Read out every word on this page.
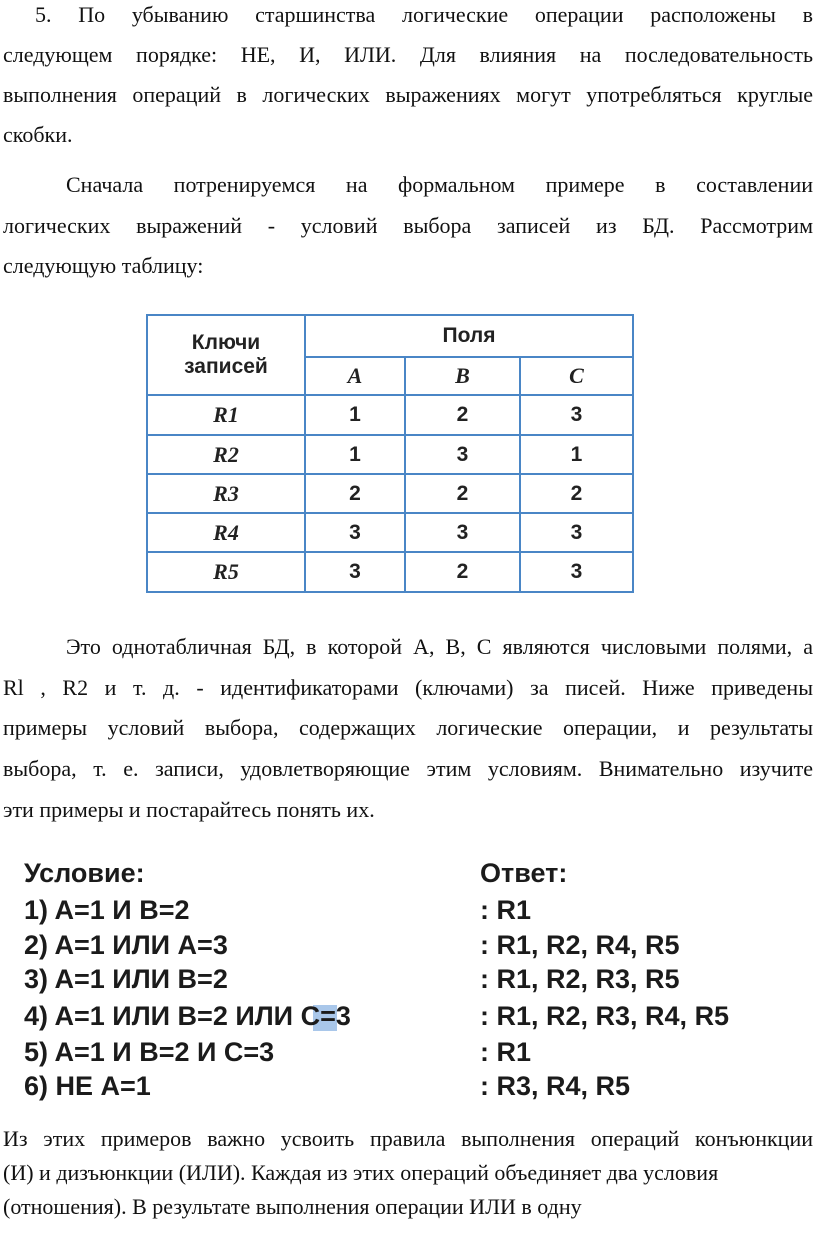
5. По убыванию старшинства логические операции расположены в
следующем порядке: НЕ, И, ИЛИ. Для влияния на последовательность
выполнения операций в логических выражениях могут употребляться круглые
скобки.
Сначала потренируемся на формальном примере в составлении
логических выражений - условий выбора записей из БД. Рассмотрим
следующую таблицу:
Ключи
записей	Поля		
	A	B	C
R1	1	2	3
R2	1	3	1
R3	2	2	2
R4	3	3	3
R5	3	2	3
Это однотабличная БД, в которой А, В, С являются числовыми полями, а
Rl , R2 и т. д. - идентификаторами (ключами) за писей. Ниже приведены
примеры условий выбора, содержащих логические операции, и результаты
выбора, т. е. записи, удовлетворяющие этим условиям. Внимательно изучите
эти примеры и постарайтесь понять их.
Условие:	Ответ:
1) A=1 И B=2	: R1
2) A=1 ИЛИ A=3	: R1, R2, R4, R5
3) A=1 ИЛИ B=2	: R1, R2, R3, R5
4) A=1 ИЛИ B=2 ИЛИ C=3	: R1, R2, R3, R4, R5
5) A=1 И B=2 И C=3	: R1
6) НЕ A=1	: R3, R4, R5
Из этих примеров важно усвоить правила выполнения операций конъюнкции
(И) и дизъюнкции (ИЛИ). Каждая из этих операций объединяет два условия
(отношения). В результате выполнения операции ИЛИ в одну
